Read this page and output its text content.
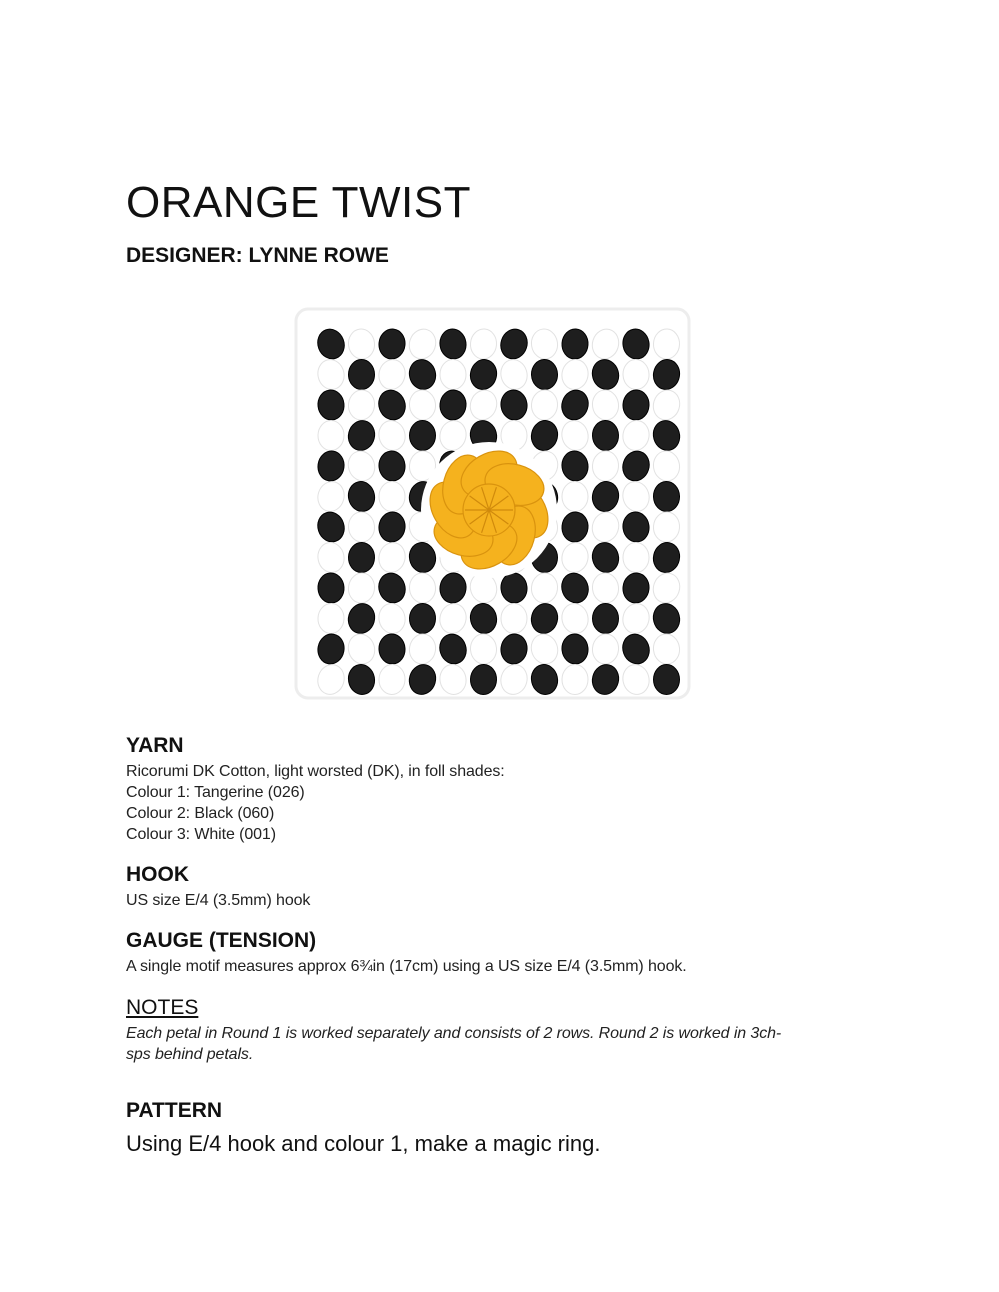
ORANGE TWIST
DESIGNER: LYNNE ROWE
YARN
Ricorumi DK Cotton, light worsted (DK), in foll shades:
Colour 1: Tangerine (026)
Colour 2: Black (060)
Colour 3: White (001)
HOOK
US size E/4 (3.5mm) hook
GAUGE (TENSION)
A single motif measures approx 6¾in (17cm) using a US size E/4 (3.5mm) hook.
NOTES
Each petal in Round 1 is worked separately and consists of 2 rows. Round 2 is worked in 3ch-
sps behind petals.
PATTERN
Using E/4 hook and colour 1, make a magic ring.
